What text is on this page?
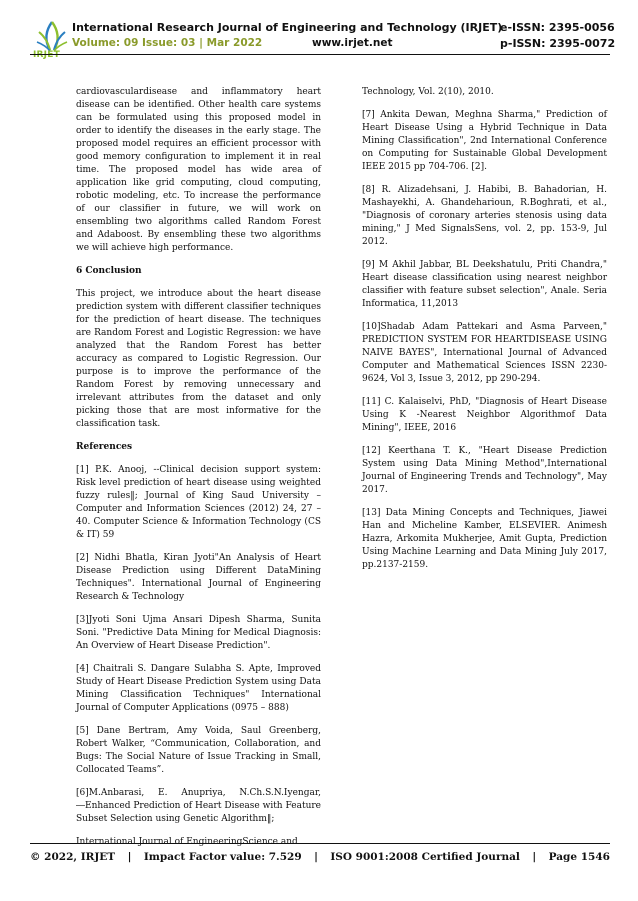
IRJET
International Research Journal of Engineering and Technology (IRJET)
e-ISSN: 2395-0056
Volume: 09 Issue: 03 | Mar 2022	www.irjet.net	p-ISSN: 2395-0072

cardiovasculardisease and inflammatory heart disease can be identified. Other health care systems can be formulated using this proposed model in order to identify the diseases in the early stage. The proposed model requires an efficient processor with good memory configuration to implement it in real time. The proposed model has wide area of application like grid computing, cloud computing, robotic modeling, etc. To increase the performance of our classifier in future, we will work on ensembling two algorithms called Random Forest and Adaboost. By ensembling these two algorithms we will achieve high performance.

6 Conclusion

This project, we introduce about the heart disease prediction system with different classifier techniques for the prediction of heart disease. The techniques are Random Forest and Logistic Regression: we have analyzed that the Random Forest has better accuracy as compared to Logistic Regression. Our purpose is to improve the performance of the Random Forest by removing unnecessary and irrelevant attributes from the dataset and only picking those that are most informative for the classification task.

References

[1] P.K. Anooj, --Clinical decision support system: Risk level prediction of heart disease using weighted fuzzy rules‖; Journal of King Saud University – Computer and Information Sciences (2012) 24, 27 – 40. Computer Science & Information Technology (CS & IT) 59

[2] Nidhi Bhatla, Kiran Jyoti"An Analysis of Heart Disease Prediction using Different DataMining Techniques". International Journal of Engineering Research & Technology

[3]Jyoti Soni Ujma Ansari Dipesh Sharma, Sunita Soni. "Predictive Data Mining for Medical Diagnosis: An Overview of Heart Disease Prediction".

[4] Chaitrali S. Dangare Sulabha S. Apte, Improved Study of Heart Disease Prediction System using Data Mining Classification Techniques" International Journal of Computer Applications (0975 – 888)

[5] Dane Bertram, Amy Voida, Saul Greenberg, Robert Walker, “Communication, Collaboration, and Bugs: The Social Nature of Issue Tracking in Small, Collocated Teams”.

[6]M.Anbarasi, E. Anupriya, N.Ch.S.N.Iyengar, ―Enhanced Prediction of Heart Disease with Feature Subset Selection using Genetic Algorithm‖;

International Journal of EngineeringScience and

Technology, Vol. 2(10), 2010.

[7] Ankita Dewan, Meghna Sharma," Prediction of Heart Disease Using a Hybrid Technique in Data Mining Classification", 2nd International Conference on Computing for Sustainable Global Development IEEE 2015 pp 704-706. [2].

[8] R. Alizadehsani, J. Habibi, B. Bahadorian, H. Mashayekhi, A. Ghandeharioun, R.Boghrati, et al., "Diagnosis of coronary arteries stenosis using data mining," J Med SignalsSens, vol. 2, pp. 153-9, Jul 2012.

[9] M Akhil Jabbar, BL Deekshatulu, Priti Chandra," Heart disease classification using nearest neighbor classifier with feature subset selection", Anale. Seria Informatica, 11,2013

[10]Shadab Adam Pattekari and Asma Parveen," PREDICTION SYSTEM FOR HEARTDISEASE USING NAIVE BAYES", International Journal of Advanced Computer and Mathematical Sciences ISSN 2230-9624, Vol 3, Issue 3, 2012, pp 290-294.

[11] C. Kalaiselvi, PhD, "Diagnosis of Heart Disease Using K -Nearest Neighbor Algorithmof Data Mining", IEEE, 2016

[12] Keerthana T. K., "Heart Disease Prediction System using Data Mining Method",International Journal of Engineering Trends and Technology", May 2017.

[13] Data Mining Concepts and Techniques, Jiawei Han and Micheline Kamber, ELSEVIER. Animesh Hazra, Arkomita Mukherjee, Amit Gupta, Prediction Using Machine Learning and Data Mining July 2017, pp.2137-2159.

© 2022, IRJET | Impact Factor value: 7.529 | ISO 9001:2008 Certified Journal | Page 1546
